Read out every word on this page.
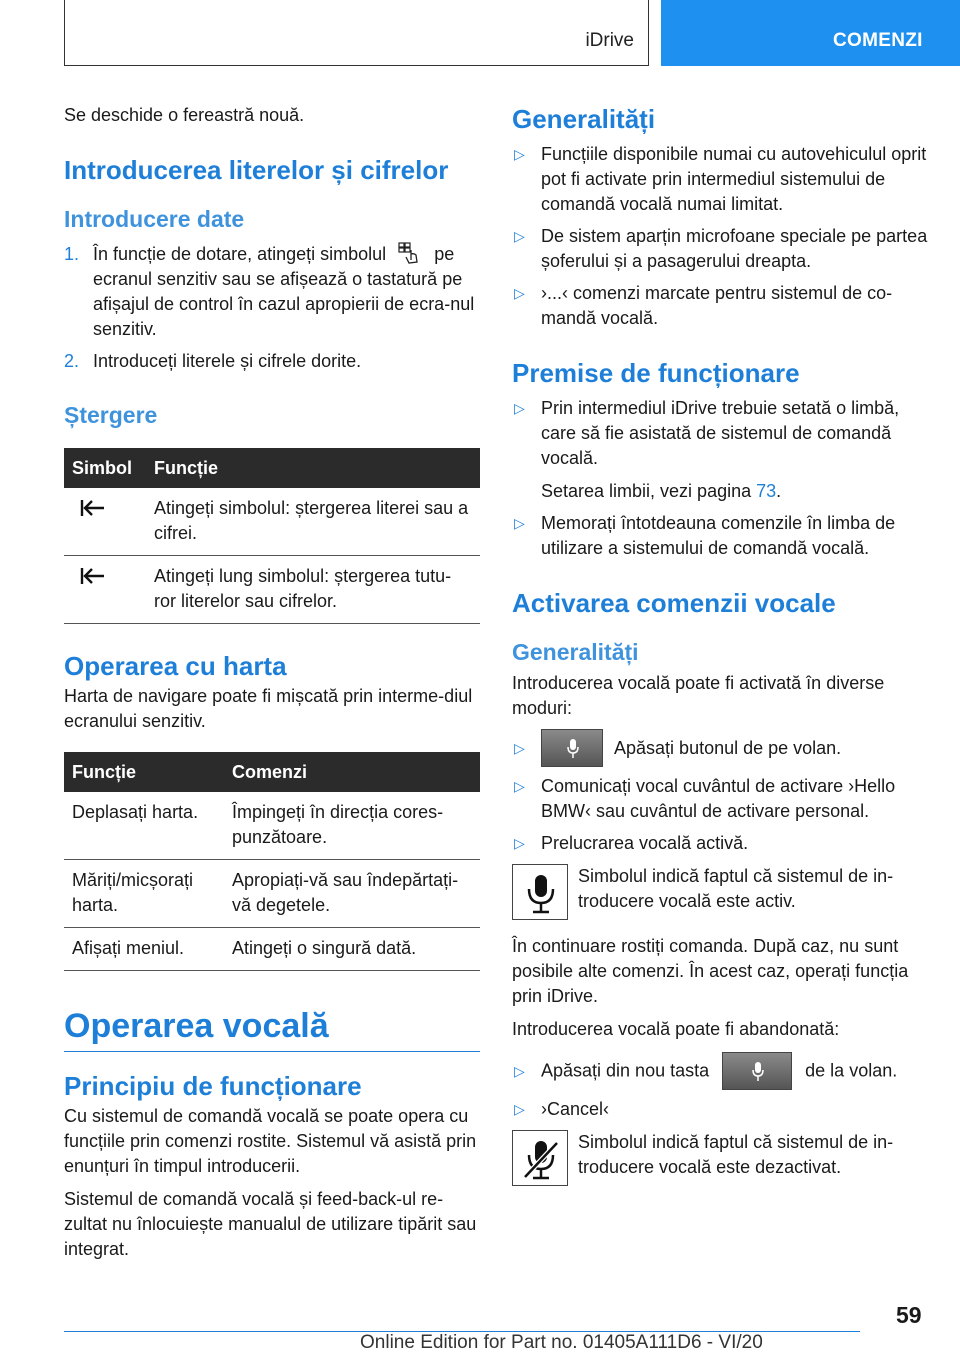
iDrive	COMENZI

Se deschide o fereastră nouă.

Introducerea literelor și cifrelor
Introducere date
1. În funcție de dotare, atingeți simbolul	pe ecranul senzitiv sau se afișează o tastatură pe afișajul de control în cazul apropierii de ecra-nul senzitiv.
2. Introduceți literele și cifrele dorite.
Ștergere
Simbol	Funcție
	Atingeți simbolul: ștergerea literei sau a cifrei.
	Atingeți lung simbolul: ștergerea tutu-ror literelor sau cifrelor.
Operarea cu harta

Harta de navigare poate fi mișcată prin interme-diul ecranului senzitiv.

Funcție	Comenzi
Deplasați harta.	Împingeți în direcția cores-punzătoare.
Măriți/micșorați harta.	Apropiați-vă sau îndepărtați-vă degetele.
Afișați meniul.	Atingeți o singură dată.
Operarea vocală
Principiu de funcționare

Cu sistemul de comandă vocală se poate opera cu funcțiile prin comenzi rostite. Sistemul vă asistă prin enunțuri în timpul introducerii.

Sistemul de comandă vocală și feed-back-ul re-zultat nu înlocuiește manualul de utilizare tipărit sau integrat.

Generalități
▷ Funcțiile disponibile numai cu autovehiculul oprit pot fi activate prin intermediul sistemului de comandă vocală numai limitat.
▷ De sistem aparțin microfoane speciale pe partea șoferului și a pasagerului dreapta.
▷ ›...‹ comenzi marcate pentru sistemul de co-mandă vocală.
Premise de funcționare
▷ Prin intermediul iDrive trebuie setată o limbă, care să fie asistată de sistemul de comandă vocală.
Setarea limbii, vezi pagina 73.
▷ Memorați întotdeauna comenzile în limba de utilizare a sistemului de comandă vocală.
Activarea comenzii vocale
Generalități

Introducerea vocală poate fi activată în diverse moduri:

▷	Apăsați butonul de pe volan.
▷ Comunicați vocal cuvântul de activare ›Hello BMW‹ sau cuvântul de activare personal.
▷ Prelucrarea vocală activă.

Simbolul indică faptul că sistemul de in-troducere vocală este activ.

În continuare rostiți comanda. După caz, nu sunt posibile alte comenzi. În acest caz, operați funcția prin iDrive.

Introducerea vocală poate fi abandonată:

▷ Apăsați din nou tasta	de la volan.
▷ ›Cancel‹

Simbolul indică faptul că sistemul de in-troducere vocală este dezactivat.

59
Online Edition for Part no. 01405A111D6 - VI/20
